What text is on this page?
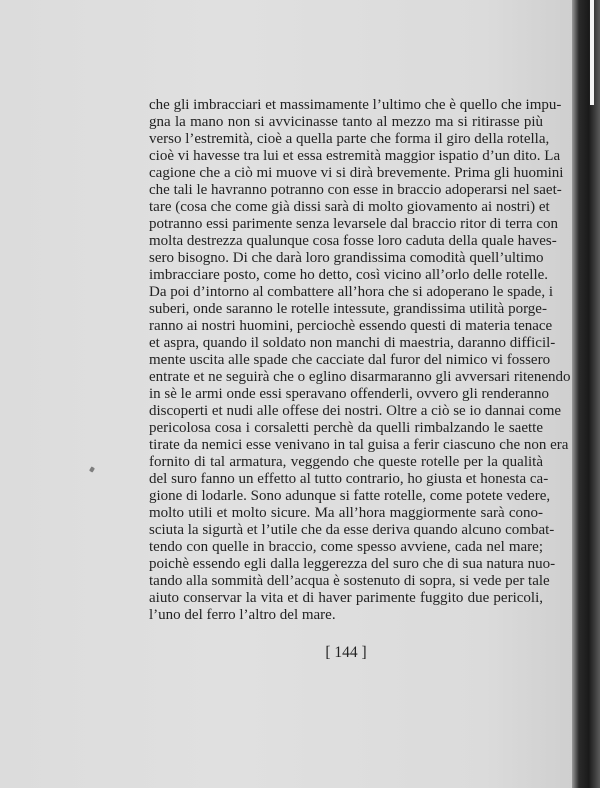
che gli imbracciari et massimamente l’ultimo che è quello che impu-
gna la mano non si avvicinasse tanto al mezzo ma si ritirasse più
verso l’estremità, cioè a quella parte che forma il giro della rotella,
cioè vi havesse tra lui et essa estremità maggior ispatio d’un dito. La
cagione che a ciò mi muove vi si dirà brevemente. Prima gli huomini
che tali le havranno potranno con esse in braccio adoperarsi nel saet-
tare (cosa che come già dissi sarà di molto giovamento ai nostri) et
potranno essi parimente senza levarsele dal braccio ritor di terra con
molta destrezza qualunque cosa fosse loro caduta della quale haves-
sero bisogno. Di che darà loro grandissima comodità quell’ultimo
imbracciare posto, come ho detto, così vicino all’orlo delle rotelle.
Da poi d’intorno al combattere all’hora che si adoperano le spade, i
suberi, onde saranno le rotelle intessute, grandissima utilità porge-
ranno ai nostri huomini, perciochè essendo questi di materia tenace
et aspra, quando il soldato non manchi di maestria, daranno difficil-
mente uscita alle spade che cacciate dal furor del nimico vi fossero
entrate et ne seguirà che o eglino disarmaranno gli avversari ritenendo
in sè le armi onde essi speravano offenderli, ovvero gli renderanno
discoperti et nudi alle offese dei nostri. Oltre a ciò se io dannai come
pericolosa cosa i corsaletti perchè da quelli rimbalzando le saette
tirate da nemici esse venivano in tal guisa a ferir ciascuno che non era
fornito di tal armatura, veggendo che queste rotelle per la qualità
del suro fanno un effetto al tutto contrario, ho giusta et honesta ca-
gione di lodarle. Sono adunque si fatte rotelle, come potete vedere,
molto utili et molto sicure. Ma all’hora maggiormente sarà cono-
sciuta la sigurtà et l’utile che da esse deriva quando alcuno combat-
tendo con quelle in braccio, come spesso avviene, cada nel mare;
poichè essendo egli dalla leggerezza del suro che di sua natura nuo-
tando alla sommità dell’acqua è sostenuto di sopra, si vede per tale
aiuto conservar la vita et di haver parimente fuggito due pericoli,
l’uno del ferro l’altro del mare.
[ 144 ]
